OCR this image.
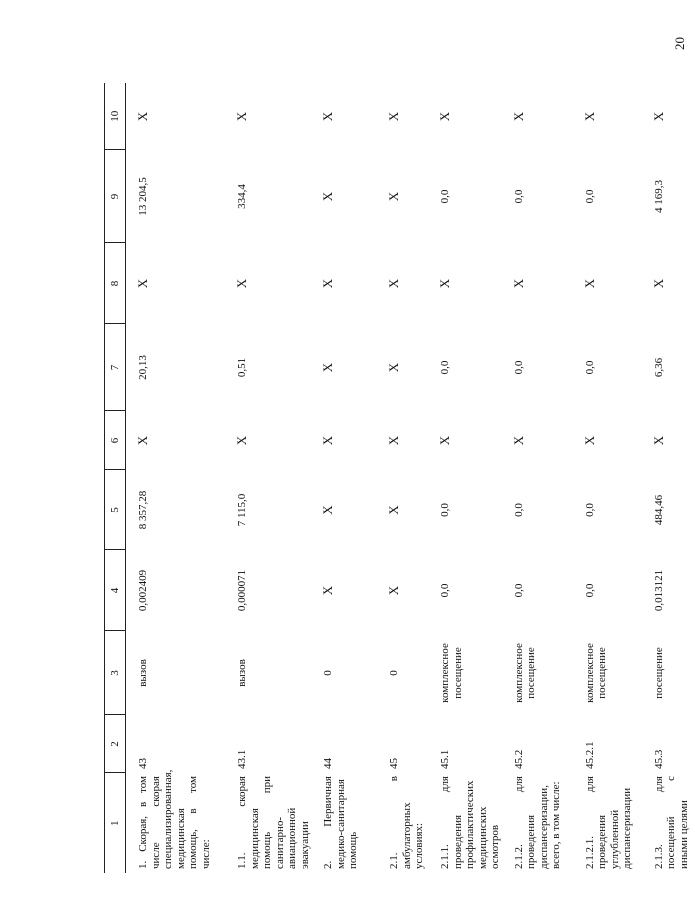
20
1	2	3	4	5	6	7	8	9	10
1. Скорая, в том числе скорая специализированная, медицинская помощь, в том числе:	43	вызов	0,002409	8 357,28	Х	20,13	Х	13 204,5	Х
1.1. скорая медицинская помощь при санитарно-авиационной эвакуации	43.1	вызов	0,000071	7 115,0	Х	0,51	Х	334,4	Х
2. Первичная медико-санитарная помощь	44	0	Х	Х	Х	Х	Х	Х	Х
2.1. в амбулаторных условиях:	45	0	Х	Х	Х	Х	Х	Х	Х
2.1.1. для проведения профилактических медицинских осмотров	45.1	комплексное посещение	0,0	0,0	Х	0,0	Х	0,0	Х
2.1.2. для проведения диспансеризации, всего, в том числе:	45.2	комплексное посещение	0,0	0,0	Х	0,0	Х	0,0	Х
2.1.2.1. для проведения углубленной диспансеризации	45.2.1	комплексное посещение	0,0	0,0	Х	0,0	Х	0,0	Х
2.1.3. для посещений с иными целями	45.3	посещение	0,013121	484,46	Х	6,36	Х	4 169,3	Х
